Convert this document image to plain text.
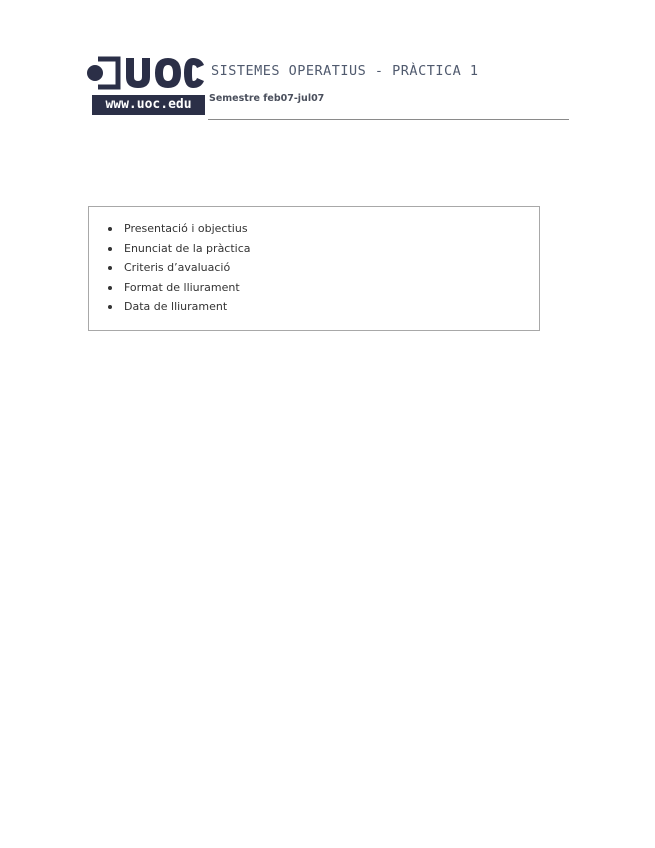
www.uoc.edu
SISTEMES OPERATIUS - PRÀCTICA 1
Semestre feb07-jul07
Presentació i objectius
Enunciat de la pràctica
Criteris d’avaluació
Format de lliurament
Data de lliurament
